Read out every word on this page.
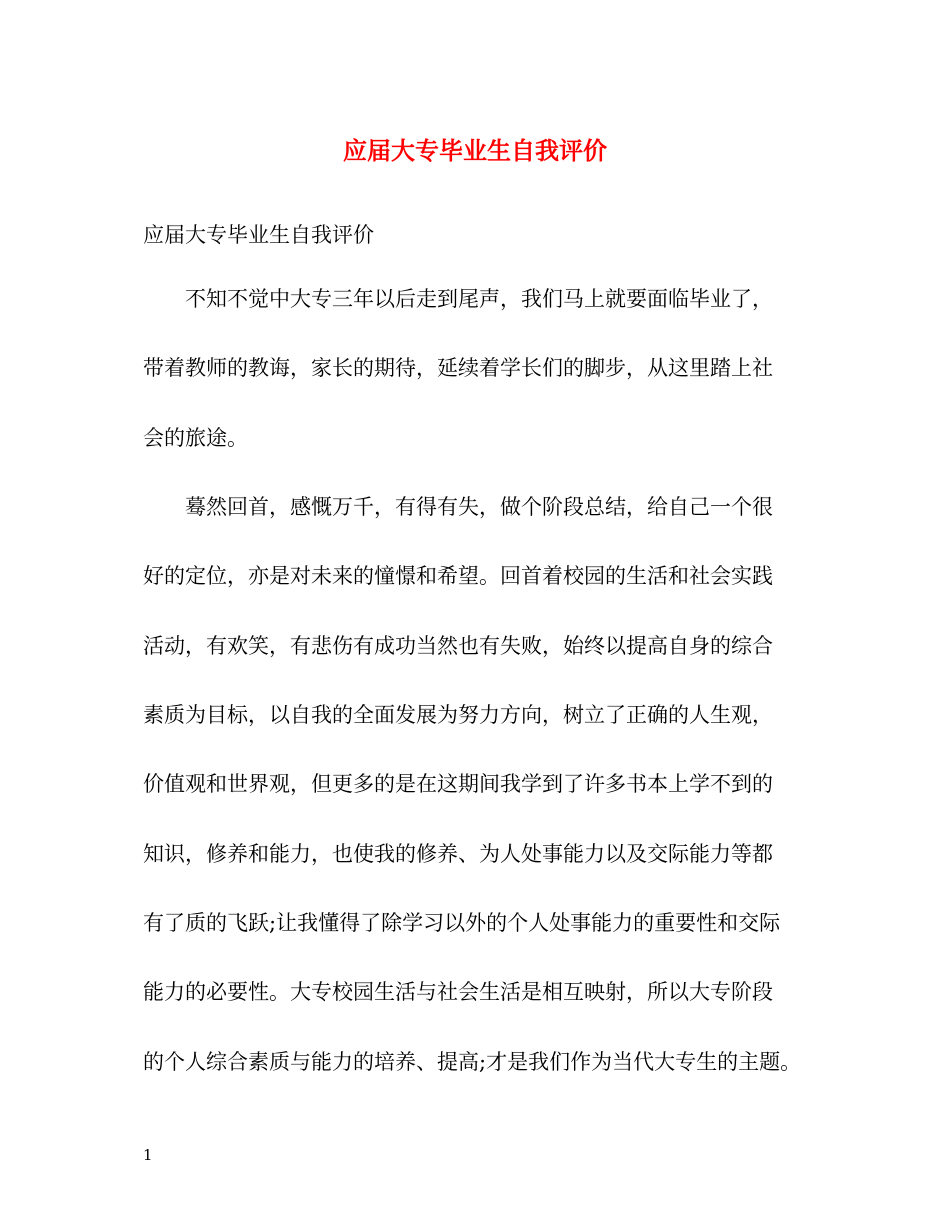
应届大专毕业生自我评价
应届大专毕业生自我评价
不知不觉中大专三年以后走到尾声，我们马上就要面临毕业了，
带着教师的教诲，家长的期待，延续着学长们的脚步，从这里踏上社
会的旅途。
蓦然回首，感慨万千，有得有失，做个阶段总结，给自己一个很
好的定位，亦是对未来的憧憬和希望。回首着校园的生活和社会实践
活动，有欢笑，有悲伤有成功当然也有失败，始终以提高自身的综合
素质为目标，以自我的全面发展为努力方向，树立了正确的人生观，
价值观和世界观，但更多的是在这期间我学到了许多书本上学不到的
知识，修养和能力，也使我的修养、为人处事能力以及交际能力等都
有了质的飞跃;让我懂得了除学习以外的个人处事能力的重要性和交际
能力的必要性。大专校园生活与社会生活是相互映射，所以大专阶段
的个人综合素质与能力的培养、提高;才是我们作为当代大专生的主题。
1
